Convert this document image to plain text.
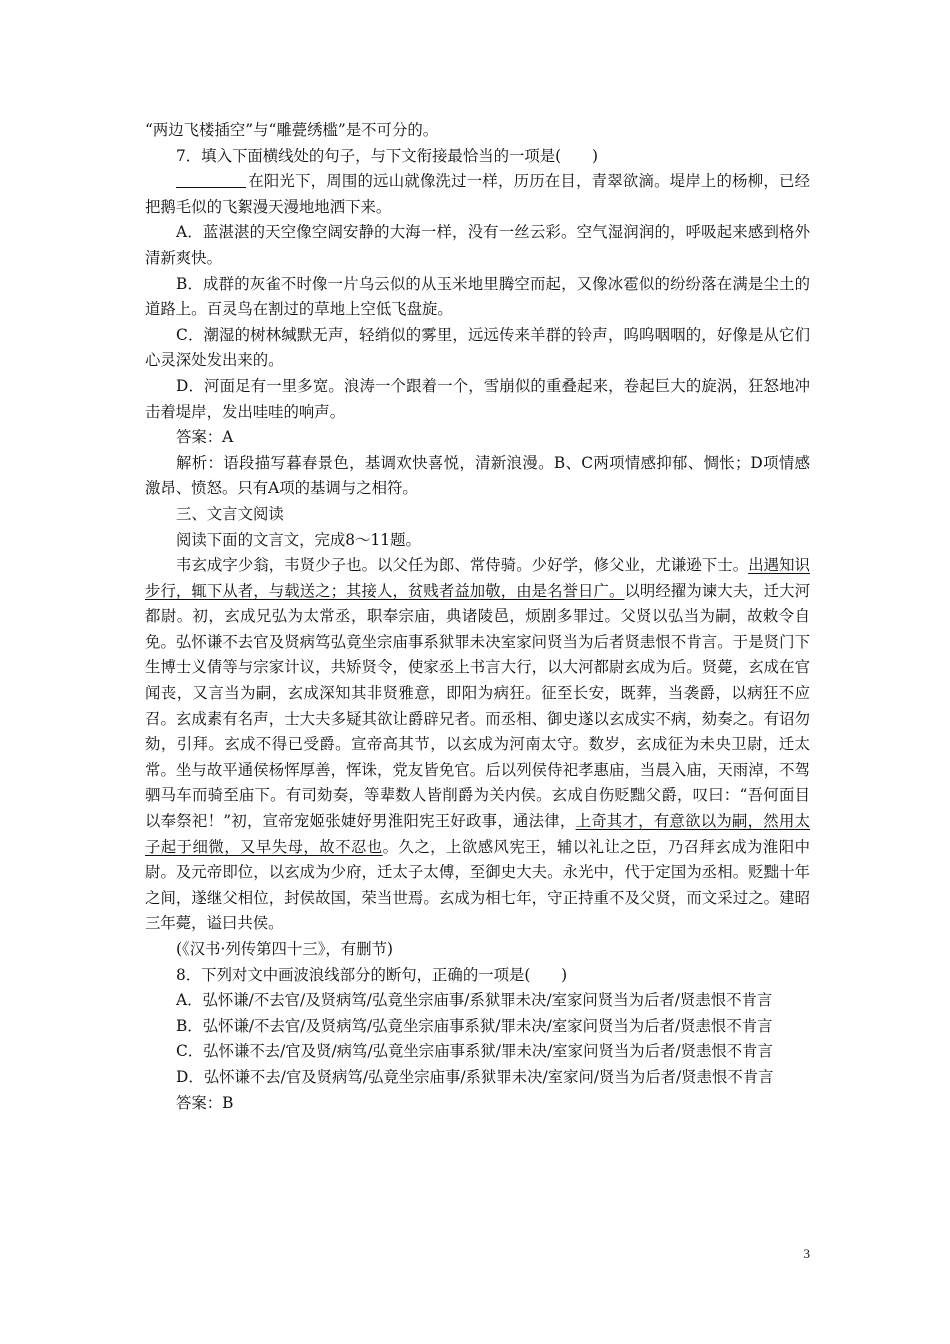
“两边飞楼插空”与“雕甍绣槛”是不可分的。

7．填入下面横线处的句子，与下文衔接最恰当的一项是(　　)

在阳光下，周围的远山就像洗过一样，历历在目，青翠欲滴。堤岸上的杨柳，已经把鹅毛似的飞絮漫天漫地地洒下来。

A．蓝湛湛的天空像空阔安静的大海一样，没有一丝云彩。空气湿润润的，呼吸起来感到格外清新爽快。

B．成群的灰雀不时像一片乌云似的从玉米地里腾空而起，又像冰雹似的纷纷落在满是尘土的道路上。百灵鸟在割过的草地上空低飞盘旋。

C．潮湿的树林缄默无声，轻绡似的雾里，远远传来羊群的铃声，呜呜咽咽的，好像是从它们心灵深处发出来的。

D．河面足有一里多宽。浪涛一个跟着一个，雪崩似的重叠起来，卷起巨大的旋涡，狂怒地冲击着堤岸，发出哇哇的响声。

答案：A

解析：语段描写暮春景色，基调欢快喜悦，清新浪漫。B、C两项情感抑郁、惆怅；D项情感激昂、愤怒。只有A项的基调与之相符。

三、文言文阅读

阅读下面的文言文，完成8～11题。

韦玄成字少翁，韦贤少子也。以父任为郎、常侍骑。少好学，修父业，尤谦逊下士。出遇知识步行，辄下从者，与载送之；其接人，贫贱者益加敬，由是名誉日广。以明经擢为谏大夫，迁大河都尉。初，玄成兄弘为太常丞，职奉宗庙，典诸陵邑，烦剧多罪过。父贤以弘当为嗣，故敕令自免。弘怀谦不去官及贤病笃弘竟坐宗庙事系狱罪未决室家问贤当为后者贤恚恨不肯言。于是贤门下生博士义倩等与宗家计议，共矫贤令，使家丞上书言大行，以大河都尉玄成为后。贤薨，玄成在官闻丧，又言当为嗣，玄成深知其非贤雅意，即阳为病狂。征至长安，既葬，当袭爵，以病狂不应召。玄成素有名声，士大夫多疑其欲让爵辟兄者。而丞相、御史遂以玄成实不病，劾奏之。有诏勿劾，引拜。玄成不得已受爵。宣帝高其节，以玄成为河南太守。数岁，玄成征为未央卫尉，迁太常。坐与故平通侯杨恽厚善，恽诛，党友皆免官。后以列侯侍祀孝惠庙，当晨入庙，天雨淖，不驾驷马车而骑至庙下。有司劾奏，等辈数人皆削爵为关内侯。玄成自伤贬黜父爵，叹曰：“吾何面目以奉祭祀！”初，宣帝宠姬张婕妤男淮阳宪王好政事，通法律，上奇其才，有意欲以为嗣，然用太子起于细微，又早失母，故不忍也。久之，上欲感风宪王，辅以礼让之臣，乃召拜玄成为淮阳中尉。及元帝即位，以玄成为少府，迁太子太傅，至御史大夫。永光中，代于定国为丞相。贬黜十年之间，遂继父相位，封侯故国，荣当世焉。玄成为相七年，守正持重不及父贤，而文采过之。建昭三年薨，谥曰共侯。

(《汉书·列传第四十三》，有删节)

8．下列对文中画波浪线部分的断句，正确的一项是(　　)

A．弘怀谦/不去官/及贤病笃/弘竟坐宗庙事/系狱罪未决/室家问贤当为后者/贤恚恨不肯言

B．弘怀谦/不去官/及贤病笃/弘竟坐宗庙事系狱/罪未决/室家问贤当为后者/贤恚恨不肯言

C．弘怀谦不去/官及贤/病笃/弘竟坐宗庙事系狱/罪未决/室家问贤当为后者/贤恚恨不肯言

D．弘怀谦不去/官及贤病笃/弘竟坐宗庙事/系狱罪未决/室家问/贤当为后者/贤恚恨不肯言

答案：B

3
